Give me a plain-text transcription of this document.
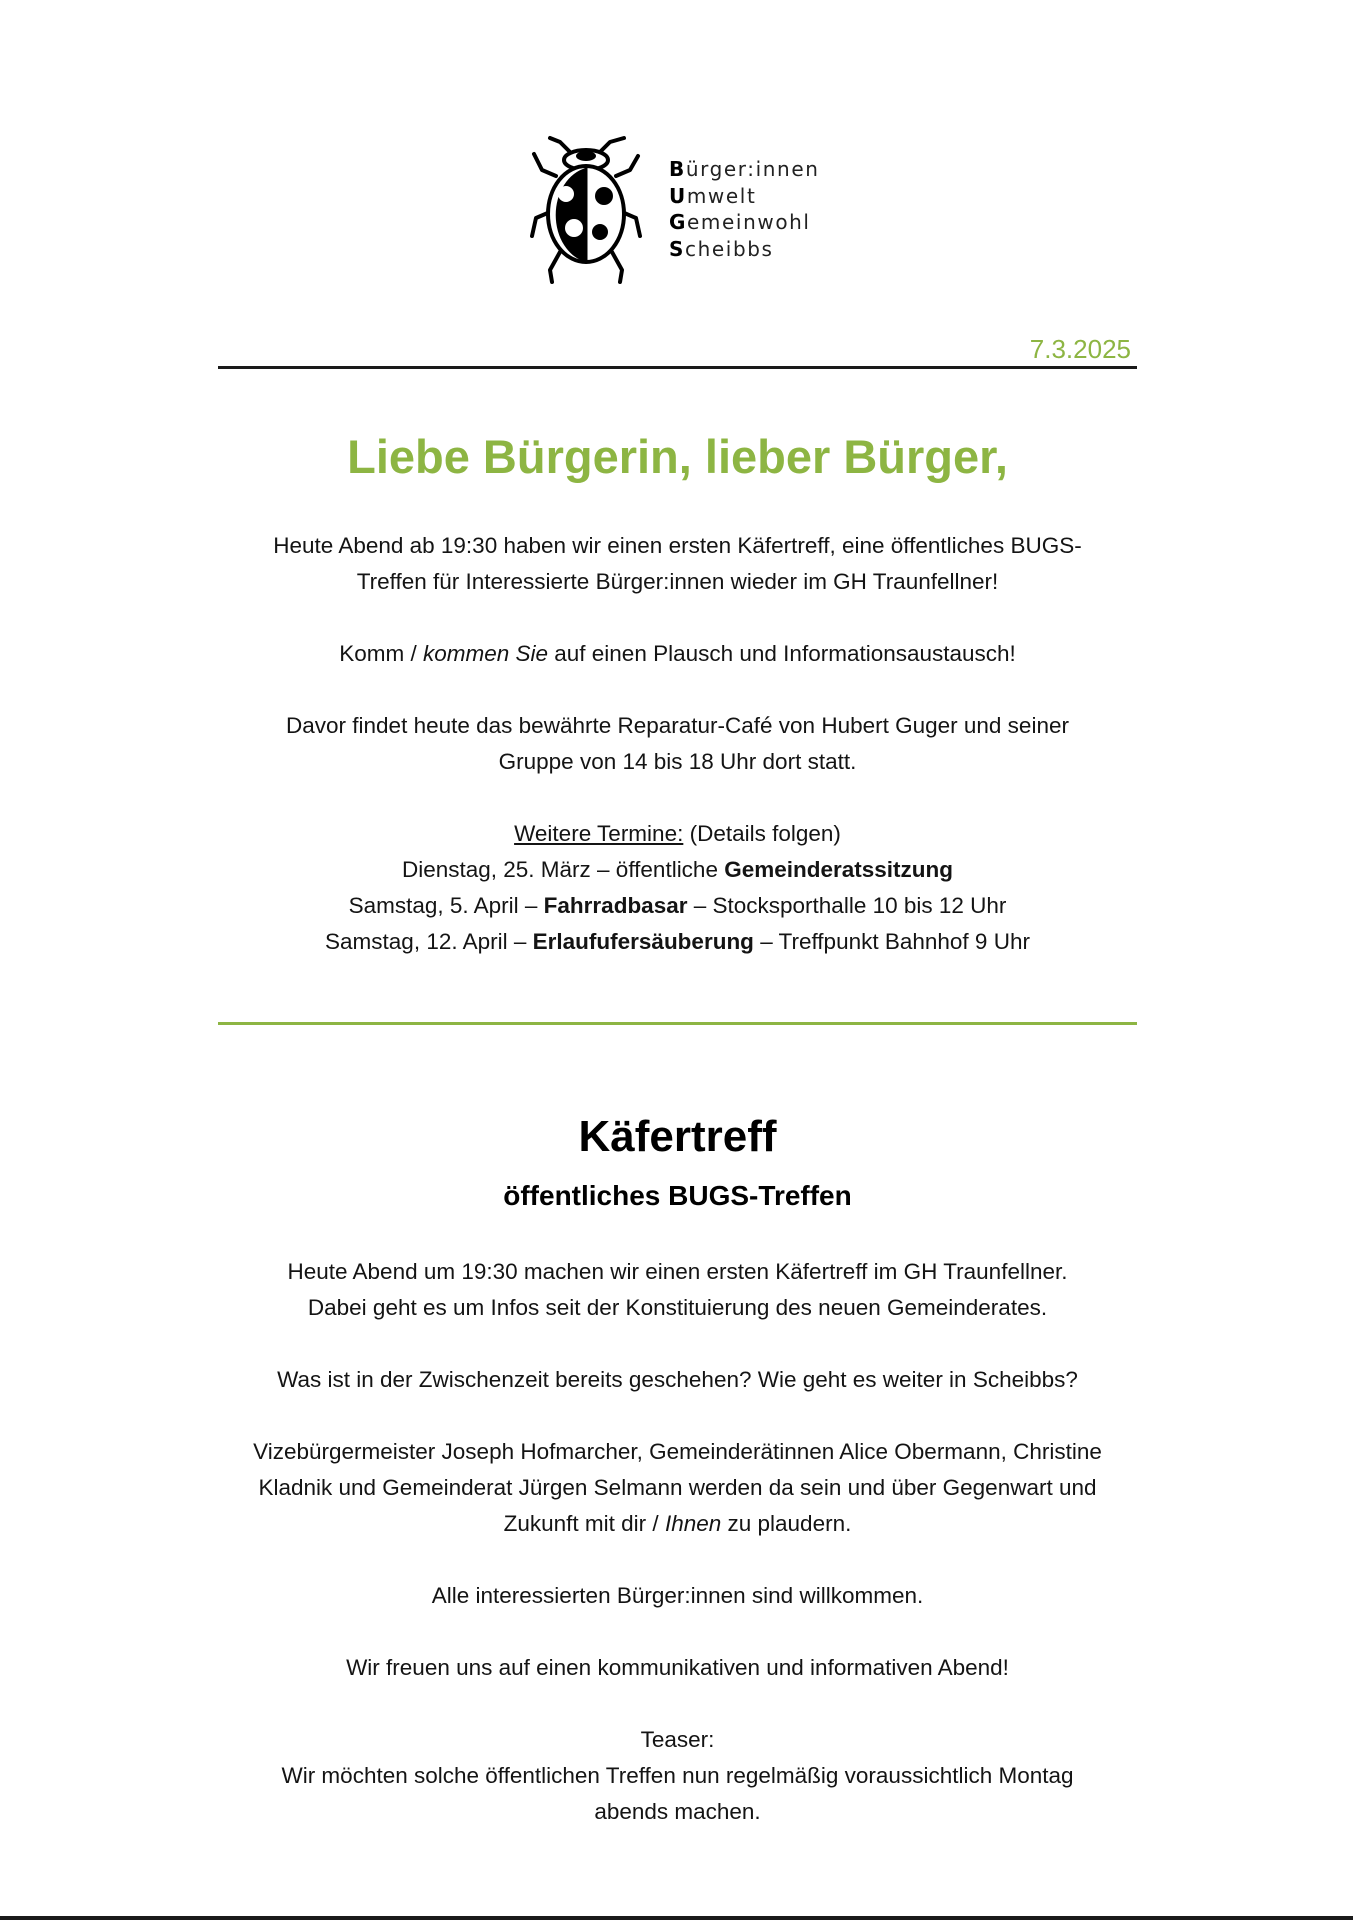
Bürger:innen
Umwelt
Gemeinwohl
Scheibbs
7.3.2025
Liebe Bürgerin, lieber Bürger,

Heute Abend ab 19:30 haben wir einen ersten Käfertreff, eine öffentliches BUGS-
Treffen für Interessierte Bürger:innen wieder im GH Traunfellner!

Komm / kommen Sie auf einen Plausch und Informationsaustausch!

Davor findet heute das bewährte Reparatur-Café von Hubert Guger und seiner
Gruppe von 14 bis 18 Uhr dort statt.

Weitere Termine: (Details folgen)
Dienstag, 25. März – öffentliche Gemeinderatssitzung
Samstag, 5. April – Fahrradbasar – Stocksporthalle 10 bis 12 Uhr
Samstag, 12. April – Erlaufufersäuberung – Treffpunkt Bahnhof 9 Uhr
Käfertreff
öffentliches BUGS-Treffen

Heute Abend um 19:30 machen wir einen ersten Käfertreff im GH Traunfellner.
Dabei geht es um Infos seit der Konstituierung des neuen Gemeinderates.

Was ist in der Zwischenzeit bereits geschehen? Wie geht es weiter in Scheibbs?

Vizebürgermeister Joseph Hofmarcher, Gemeinderätinnen Alice Obermann, Christine
Kladnik und Gemeinderat Jürgen Selmann werden da sein und über Gegenwart und
Zukunft mit dir / Ihnen zu plaudern.

Alle interessierten Bürger:innen sind willkommen.

Wir freuen uns auf einen kommunikativen und informativen Abend!

Teaser:
Wir möchten solche öffentlichen Treffen nun regelmäßig voraussichtlich Montag
abends machen.
